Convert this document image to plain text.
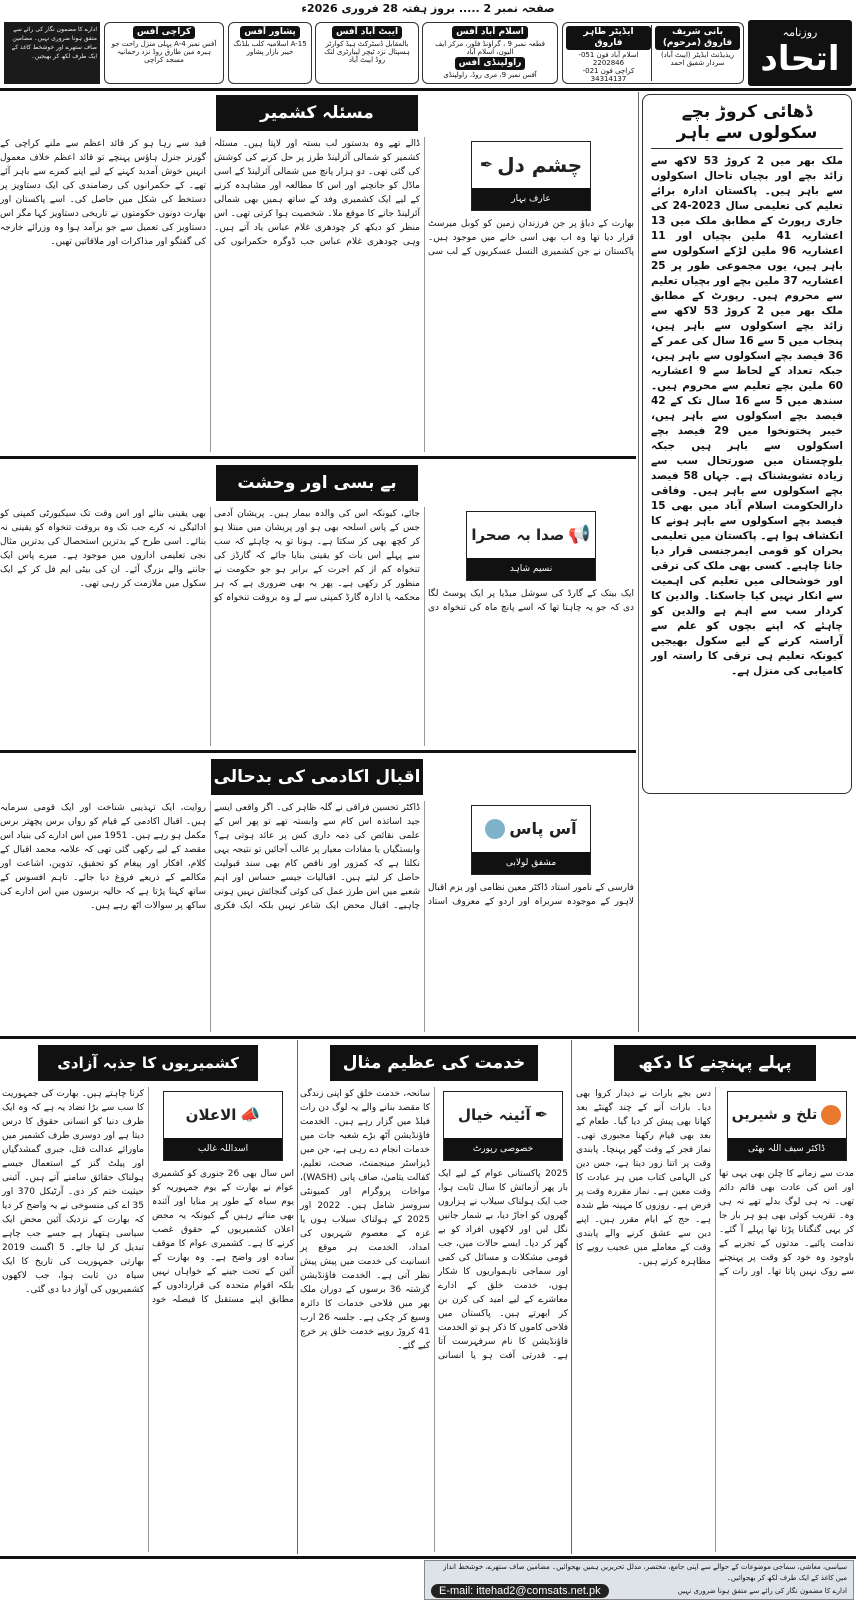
صفحہ نمبر 2 ..... بروز ہفتہ 28 فروری 2026ء
روزنامہ
اتحاد
بانی شریف فاروق (مرحوم)
ریذیڈنٹ ایڈیٹر (ایبٹ آباد)
سردار شفیق احمد
ایڈیٹر طاہر فاروق
اسلام آباد فون 051-2202846
کراچی فون 021-34314137
اسلام آباد آفس
قطعہ نمبر 9 ، گراؤنڈ فلور، مرکز ایف الیون، اسلام آباد
راولپنڈی آفس
آفس نمبر 9، مری روڈ، راولپنڈی
ایبٹ آباد آفس
بالمقابل ڈسٹرکٹ ہیڈ کوارٹر ہسپتال نزد ٹیچر لیبارٹری لنک روڈ ایبٹ آباد
پشاور آفس
A-15 اسلامیہ کلب بلڈنگ خیبر بازار پشاور
کراچی آفس
آفس نمبر A-4 پہلی منزل راحت جو ہیرہ مین طارق روڈ نزد رحمانیہ مسجد کراچی
ادارے کا مضمون نگار کی رائے سے متفق ہونا ضروری نہیں۔ مضامین صاف ستھرے اور خوشخط کاغذ کے ایک طرف لکھ کر بھیجیں۔
ڈھائی کروڑ بچے سکولوں سے باہر
ملک بھر میں 2 کروڑ 53 لاکھ سے زائد بچے اور بچیاں تاحال اسکولوں سے باہر ہیں۔ پاکستان ادارہ برائے تعلیم کی تعلیمی سال 2023-24 کی جاری رپورٹ کے مطابق ملک میں 13 اعشاریہ 41 ملین بچیاں اور 11 اعشاریہ 96 ملین لڑکے اسکولوں سے باہر ہیں، یوں مجموعی طور پر 25 اعشاریہ 37 ملین بچے اور بچیاں تعلیم سے محروم ہیں۔ رپورٹ کے مطابق ملک بھر میں 2 کروڑ 53 لاکھ سے زائد بچے اسکولوں سے باہر ہیں، پنجاب میں 5 سے 16 سال کی عمر کے 36 فیصد بچے اسکولوں سے باہر ہیں، جبکہ تعداد کے لحاظ سے 9 اعشاریہ 60 ملین بچے تعلیم سے محروم ہیں۔ سندھ میں 5 سے 16 سال تک کے 42 فیصد بچے اسکولوں سے باہر ہیں، خیبر پختونخوا میں 29 فیصد بچے اسکولوں سے باہر ہیں جبکہ بلوچستان میں صورتحال سب سے زیادہ تشویشناک ہے۔ جہاں 58 فیصد بچے اسکولوں سے باہر ہیں۔ وفاقی دارالحکومت اسلام آباد میں بھی 15 فیصد بچے اسکولوں سے باہر ہونے کا انکشاف ہوا ہے۔ پاکستان میں تعلیمی بحران کو قومی ایمرجنسی قرار دیا جانا چاہیے۔ کسی بھی ملک کی ترقی اور خوشحالی میں تعلیم کی اہمیت سے انکار نہیں کیا جاسکتا۔ والدین کا کردار سب سے اہم ہے والدین کو چاہئے کہ اپنے بچوں کو علم سے آراستہ کرنے کے لیے سکول بھیجیں کیونکہ تعلیم ہی ترقی کا راستہ اور کامیابی کی منزل ہے۔
مسئلہ کشمیر
چشم دل
✒
عارف بہار
بھارت کے دباؤ پر جن فرزندان زمین کو کوبل میرسٹ قرار دیا تھا وہ اب بھی اسی خانے میں موجود ہیں۔ پاکستان نے جن کشمیری النسل عسکریوں کے لب سی ڈالے تھے وہ بدستور لب بستہ اور لاپتا ہیں۔ مسئلہ کشمیر کو شمالی آئرلینڈ طرز پر حل کرنے کی کوشش کی گئی تھی۔ دو ہزار پانچ میں شمالی آئرلینڈ کے اسی ماڈل کو جانچنے اور اس کا مطالعہ اور مشاہدہ کرنے کے لیے ایک کشمیری وفد کے ساتھ ہمیں بھی شمالی آئرلینڈ جانے کا موقع ملا۔ شخصیت ہوا کرتی تھی۔ اس منظر کو دیکھ کر چودھری غلام عباس یاد آتے ہیں۔ وہی چودھری غلام عباس جب ڈوگرہ حکمرانوں کی قید سے رہا ہو کر قائد اعظم سے ملنے کراچی کے گورنر جنرل ہاؤس پہنچے تو قائد اعظم خلاف معمول انہیں خوش آمدید کہنے کے لیے اپنے کمرے سے باہر آئے تھے۔ کے حکمرانوں کی رضامندی کی ایک دستاویز پر دستخط کی شکل میں حاصل کی۔ اسے پاکستان اور بھارت دونوں حکومتوں نے تاریخی دستاویز کہا مگر اس دستاویز کی تعمیل سے جو برآمد ہوا وہ وزرائے خارجہ کی گفتگو اور مذاکرات اور ملاقاتیں تھیں۔
بے بسی اور وحشت
📢
صدا بہ صحرا
نسیم شاہد
ایک بینک کے گارڈ کی سوشل میڈیا پر ایک پوسٹ لگا دی کہ جو یہ چاہتا تھا کہ اسے پانچ ماہ کی تنخواہ دی جائے، کیونکہ اس کی والدہ بیمار ہیں۔ پریشان آدمی جس کے پاس اسلحہ بھی ہو اور پریشان میں مبتلا ہو کر کچھ بھی کر سکتا ہے۔ ہونا تو یہ چاہئے کہ سب سے پہلے اس بات کو یقینی بنایا جائے کہ گارڈز کی تنخواہ کم از کم اجرت کے برابر ہو جو حکومت نے منظور کر رکھی ہے۔ پھر یہ بھی ضروری ہے کہ ہر محکمہ یا ادارہ گارڈ کمپنی سے لے وہ بروقت تنخواہ کو بھی یقینی بنائے اور اس وقت تک سیکیورٹی کمپنی کو ادائیگی نہ کرے جب تک وہ بروقت تنخواہ کو یقینی نہ بنائے۔ اسی طرح کے بدترین استحصال کی بدترین مثال نجی تعلیمی اداروں میں موجود ہے۔ میرے پاس ایک جاننے والے بزرگ آئے۔ ان کی بیٹی ایم فل کر کے ایک سکول میں ملازمت کر رہی تھی۔
اقبال اکادمی کی بدحالی
آس پاس
مشفق لولابی
فارسی کے نامور استاد ڈاکٹر معین نظامی اور بزم اقبال لاہور کے موجودہ سربراہ اور اردو کے معروف استاد ڈاکٹر تحسین فراقی نے گلہ ظاہر کی۔ اگر واقعی ایسے جید اساتذہ اس کام سے وابستہ تھے تو پھر اس کے علمی نقائص کی ذمہ داری کس پر عائد ہوتی ہے؟ وابستگیاں یا مفادات معیار پر غالب آجائیں تو نتیجہ یہی نکلتا ہے کہ کمزور اور ناقص کام بھی سند قبولیت حاصل کر لیتے ہیں۔ اقبالیات جیسے حساس اور اہم شعبے میں اس طرز عمل کی کوئی گنجائش نہیں ہونی چاہیے۔ اقبال محض ایک شاعر نہیں بلکہ ایک فکری روایت، ایک تہذیبی شناخت اور ایک قومی سرمایہ ہیں۔ اقبال اکادمی کے قیام کو رواں برس پچھتر برس مکمل ہو رہے ہیں۔ 1951 میں اس ادارے کی بنیاد اس مقصد کے لیے رکھی گئی تھی کہ علامہ محمد اقبال کے کلام، افکار اور پیغام کو تحقیق، تدوین، اشاعت اور مکالمے کے ذریعے فروغ دیا جائے۔ تاہم افسوس کے ساتھ کہنا پڑتا ہے کہ حالیہ برسوں میں اس ادارے کی ساکھ پر سوالات اٹھ رہے ہیں۔
پہلے پہنچنے کا دکھ
تلخ و شیریں
ڈاکٹر سیف اللہ بھٹی
مدت سے زمانے کا چلن بھی یہی تھا اور اس کی عادت بھی قائم دائم تھی۔ نہ ہی لوگ بدلے تھے نہ ہی وہ۔ تقریب کوئی بھی ہو ہر بار جا کر یہی گنگنانا پڑتا تھا پہلے آ گئے۔ ندامت پائیے۔ مدتوں کے تجربے کے باوجود وہ خود کو وقت پر پہنچنے سے روک نہیں پاتا تھا۔ اور رات کے دس بجے بارات نے دیدار کروا بھی دیا۔ بارات آنے کے چند گھنٹے بعد کھانا بھی پیش کر دیا گیا۔ طعام کے بعد بھی قیام رکھنا مجبوری تھی۔ نماز فجر کے وقت گھر پہنچا۔ پابندی وقت پر اتنا زور دیتا ہے، جس دین کی الہامی کتاب میں ہر عبادت کا وقت معین ہے۔ نماز مقررہ وقت پر فرض ہے۔ روزوں کا مہینہ طے شدہ ہے۔ حج کے ایام مقرر ہیں۔ اپنے دین سے عشق کرنے والے پابندی وقت کے معاملے میں عجیب رویے کا مظاہرہ کرتے ہیں۔
خدمت کی عظیم مثال
✒
آئینہ خیال
خصوصی رپورٹ
2025 پاکستانی عوام کے لیے ایک بار پھر آزمائش کا سال ثابت ہوا، جب ایک ہولناک سیلاب نے ہزاروں گھروں کو اجاڑ دیا، بے شمار جانیں نگل لیں اور لاکھوں افراد کو بے گھر کر دیا۔ ایسے حالات میں، جب قومی مشکلات و مسائل کی کمی اور سماجی ناہمواریوں کا شکار ہوں، خدمت خلق کے ادارے معاشرے کے لیے امید کی کرن بن کر ابھرتے ہیں۔ پاکستان میں فلاحی کاموں کا ذکر ہو تو الخدمت فاؤنڈیشن کا نام سرفہرست آتا ہے۔ قدرتی آفت ہو یا انسانی سانحہ، خدمت خلق کو اپنی زندگی کا مقصد بنانے والے یہ لوگ دن رات فیلڈ میں گزار رہے ہیں۔ الخدمت فاؤنڈیشن آٹھ بڑے شعبہ جات میں خدمات انجام دے رہی ہے، جن میں ڈیزاسٹر مینجمنٹ، صحت، تعلیم، کفالت یتامیٰ، صاف پانی (WASH)، مواخات پروگرام اور کمیونٹی سروسز شامل ہیں۔ 2022 اور 2025 کے ہولناک سیلاب ہوں یا غزہ کے معصوم شہریوں کی امداد، الخدمت ہر موقع پر انسانیت کی خدمت میں پیش پیش نظر آتی ہے۔ الخدمت فاؤنڈیشن گزشتہ 36 برسوں کے دوران ملک بھر میں فلاحی خدمات کا دائرہ وسیع کر چکی ہے۔ جلسہ 26 ارب 41 کروڑ روپے خدمت خلق پر خرچ کیے گئے۔
کشمیریوں کا جذبہ آزادی
📣
الاعلان
اسداللہ غالب
اس سال بھی 26 جنوری کو کشمیری عوام نے بھارت کے یوم جمہوریہ کو یوم سیاہ کے طور پر منایا اور آئندہ بھی مناتے رہیں گے کیونکہ یہ محض اعلان کشمیریوں کے حقوق غصب کرنے کا ہے۔ کشمیری عوام کا موقف سادہ اور واضح ہے۔ وہ بھارت کے آئین کے تحت جینے کے خواہاں نہیں بلکہ اقوام متحدہ کی قراردادوں کے مطابق اپنے مستقبل کا فیصلہ خود کرنا چاہتے ہیں۔ بھارت کی جمہوریت کا سب سے بڑا تضاد یہ ہے کہ وہ ایک طرف دنیا کو انسانی حقوق کا درس دیتا ہے اور دوسری طرف کشمیر میں ماورائے عدالت قتل، جبری گمشدگیاں اور پیلٹ گنز کے استعمال جیسے ہولناک حقائق سامنے آتے ہیں۔ آئینی حیثیت ختم کر دی۔ آرٹیکل 370 اور 35 اے کی منسوخی نے یہ واضح کر دیا کہ بھارت کے نزدیک آئین محض ایک سیاسی ہتھیار ہے جسے جب چاہے تبدیل کر لیا جائے۔ 5 اگست 2019 بھارتی جمہوریت کی تاریخ کا ایک سیاہ دن ثابت ہوا، جب لاکھوں کشمیریوں کی آواز دبا دی گئی۔
سیاسی، معاشی، سماجی موضوعات کے حوالے سے اپنی جامع، مختصر، مدلل تحریریں ہمیں بھجوائیں۔ مضامین صاف ستھرے، خوشخط انداز میں کاغذ کے ایک طرف لکھ کر بھجوائیں۔
ادارے کا مضمون نگار کی رائے سے متفق ہونا ضروری نہیں
E-mail: ittehad2@comsats.net.pk
